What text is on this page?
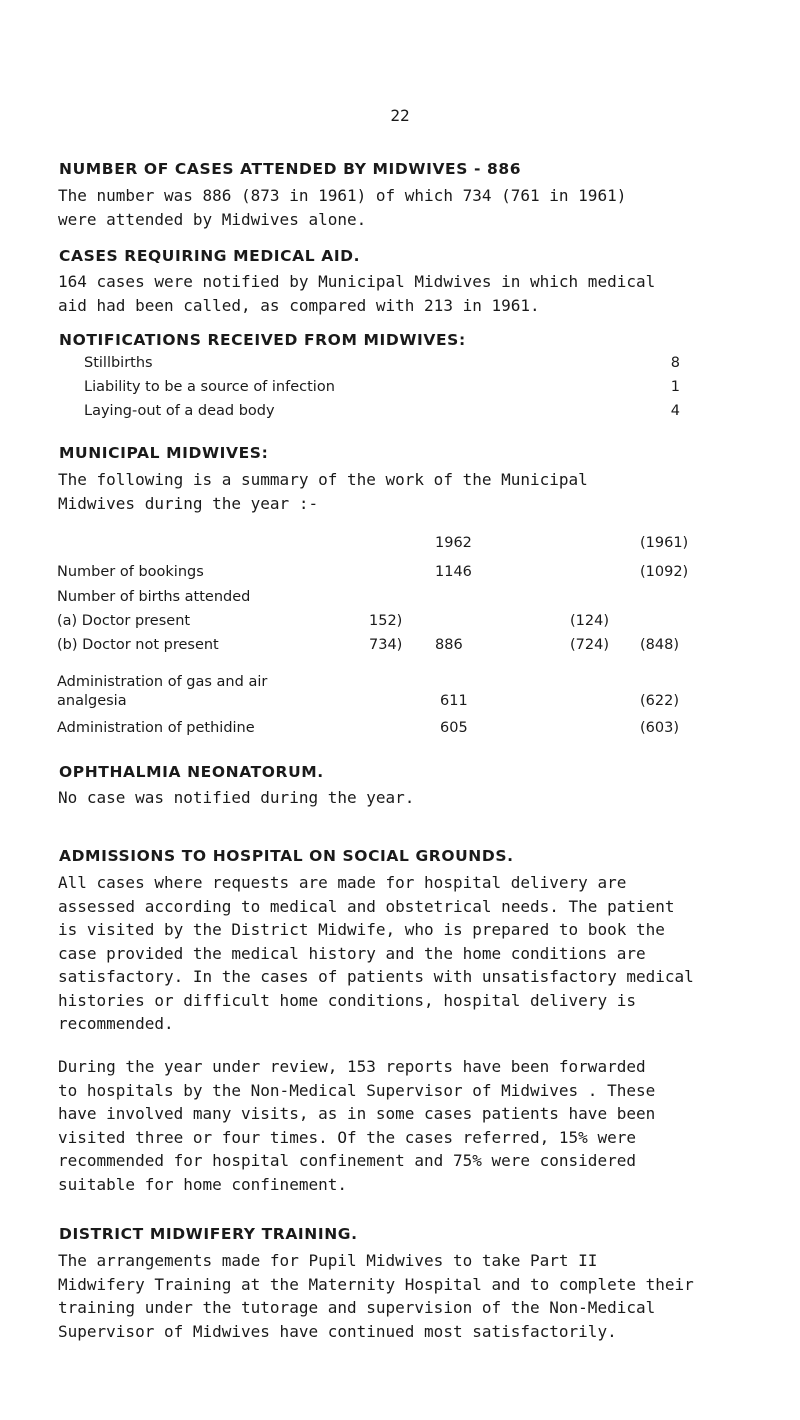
22
NUMBER OF CASES ATTENDED BY MIDWIVES - 886
The number was 886 (873 in 1961) of which 734 (761 in 1961)
were attended by Midwives alone.
CASES REQUIRING MEDICAL AID.
164 cases were notified by Municipal Midwives in which medical
aid had been called, as compared with 213 in 1961.
NOTIFICATIONS RECEIVED FROM MIDWIVES:
Stillbirths	8
Liability to be a source of infection	1
Laying-out of a dead body	4
MUNICIPAL MIDWIVES:
The following is a summary of the work of the Municipal
Midwives during the year :-
1962	(1961)
Number of bookings	1146	(1092)
Number of births attended
(a) Doctor present	152)	(124)
(b) Doctor not present	734) 886	(724) (848)
Administration of gas and air
analgesia	611	(622)
Administration of pethidine	605	(603)
OPHTHALMIA NEONATORUM.
No case was notified during the year.
ADMISSIONS TO HOSPITAL ON SOCIAL GROUNDS.
All cases where requests are made for hospital delivery are
assessed according to medical and obstetrical needs. The patient
is visited by the District Midwife, who is prepared to book the
case provided the medical history and the home conditions are
satisfactory. In the cases of patients with unsatisfactory medical
histories or difficult home conditions, hospital delivery is
recommended.
During the year under review, 153 reports have been forwarded
to hospitals by the Non-Medical Supervisor of Midwives . These
have involved many visits, as in some cases patients have been
visited three or four times. Of the cases referred, 15% were
recommended for hospital confinement and 75% were considered
suitable for home confinement.
DISTRICT MIDWIFERY TRAINING.
The arrangements made for Pupil Midwives to take Part II
Midwifery Training at the Maternity Hospital and to complete their
training under the tutorage and supervision of the Non-Medical
Supervisor of Midwives have continued most satisfactorily.
